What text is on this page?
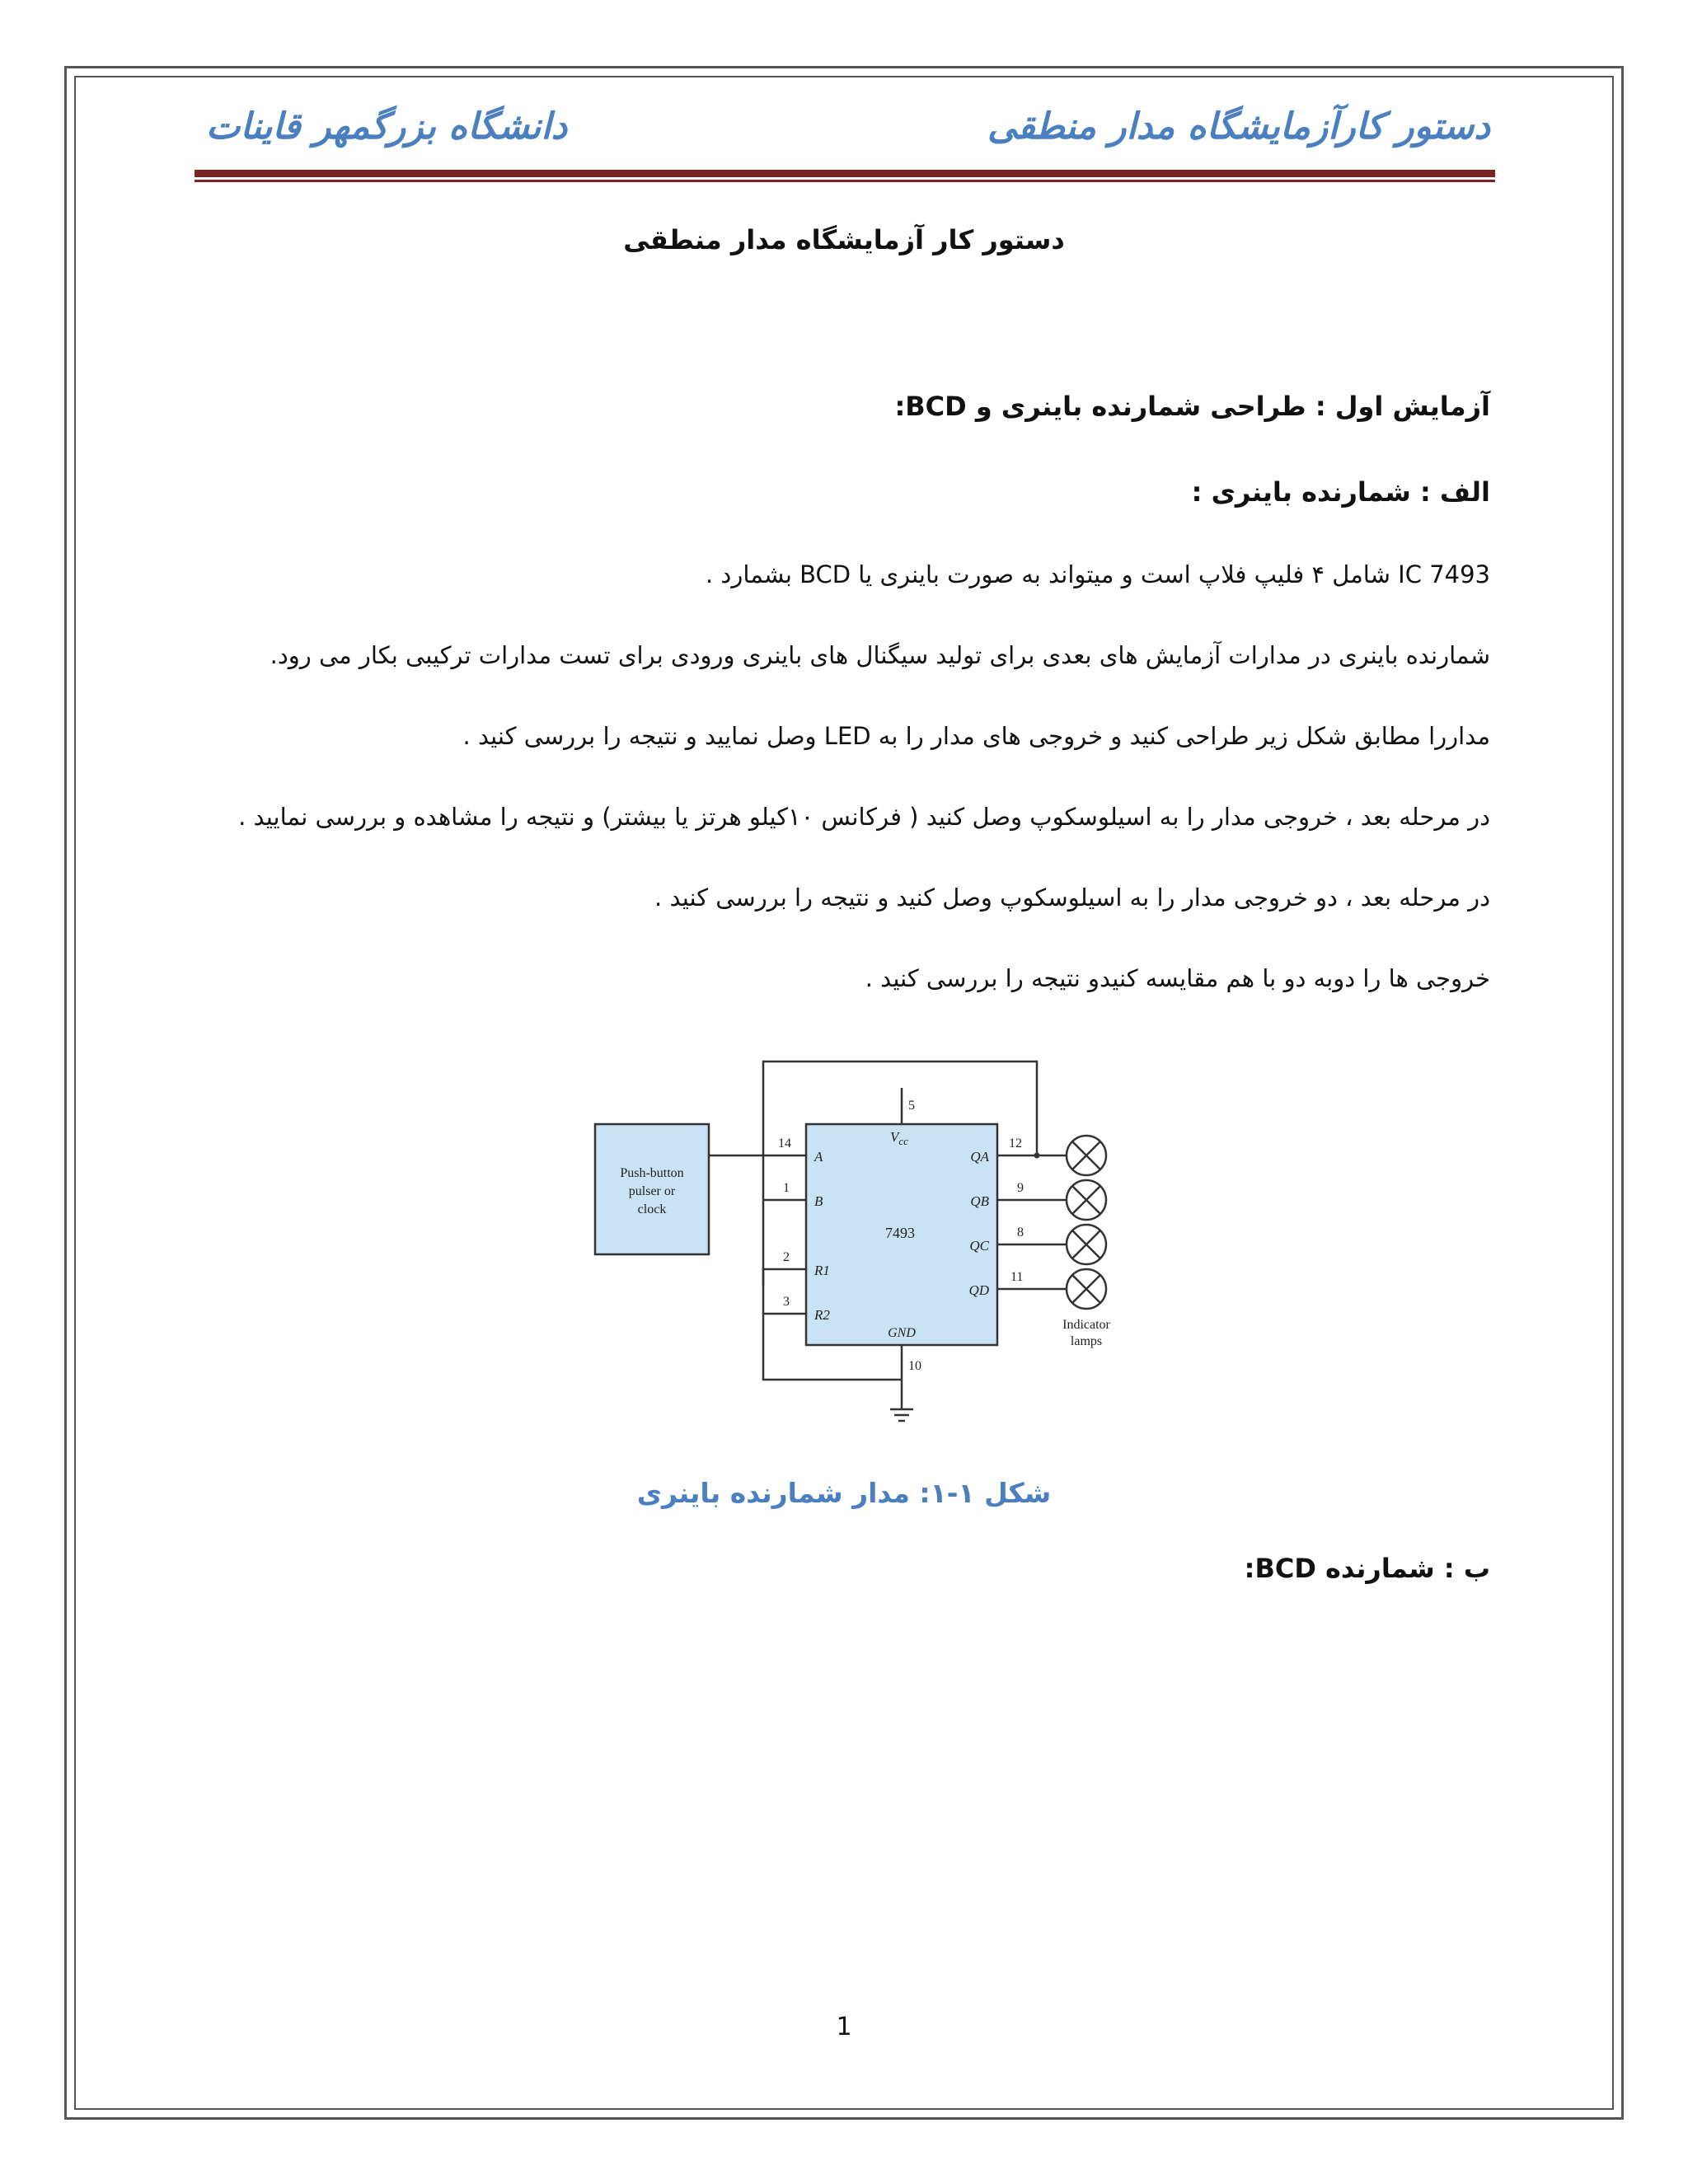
دستور کارآزمایشگاه مدار منطقی
دانشگاه بزرگمهر قاینات
دستور کار آزمایشگاه مدار منطقی
آزمایش اول : طراحی شمارنده باینری و BCD:
الف : شمارنده باینری :
IC 7493 شامل ۴ فلیپ فلاپ است و میتواند به صورت باینری یا BCD بشمارد .
شمارنده باینری در مدارات آزمایش های بعدی برای تولید سیگنال های باینری ورودی برای تست مدارات ترکیبی بکار می رود.
مداررا مطابق شکل زیر طراحی کنید و خروجی های مدار را به LED وصل نمایید و نتیجه را بررسی کنید .
در مرحله بعد ، خروجی مدار را به اسیلوسکوپ وصل کنید ( فرکانس ۱۰کیلو هرتز یا بیشتر) و نتیجه را مشاهده و بررسی نمایید .
در مرحله بعد ، دو خروجی مدار را به اسیلوسکوپ وصل کنید و نتیجه را بررسی کنید .
خروجی ها را دوبه دو با هم مقایسه کنیدو نتیجه را بررسی کنید .
Push-button
pulser or
clock
7493
5
$V_{cc}$
GND
10
14
1
2
3
A
B
R1
R2
QA
QB
QC
QD
12
9
8
11
Indicator
lamps
شکل ۱-۱: مدار شمارنده باینری
ب : شمارنده BCD:
1
